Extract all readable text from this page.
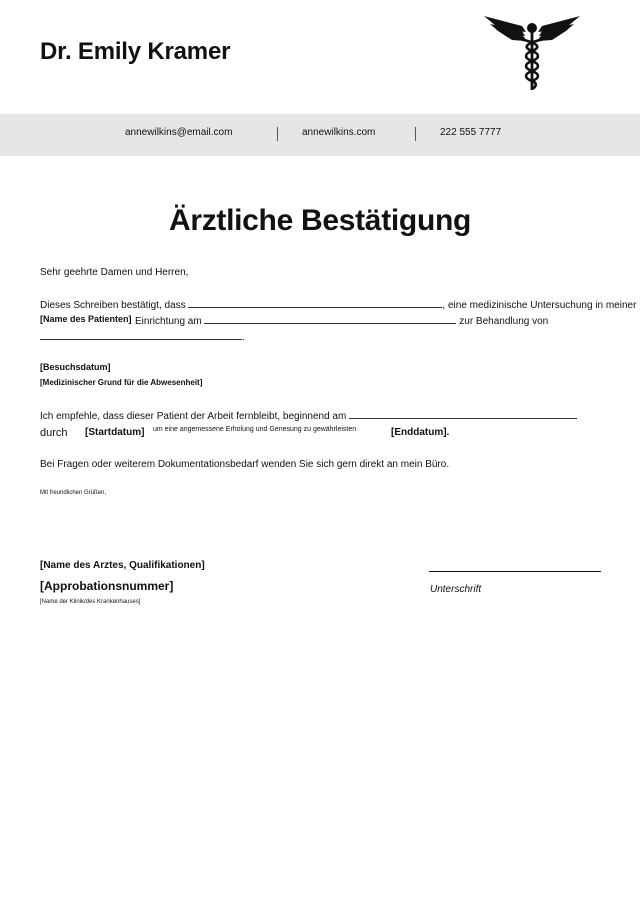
Dr. Emily Kramer
annewilkins@email.com	annewilkins.com	222 555 7777
Ärztliche Bestätigung
Sehr geehrte Damen und Herren,
Dieses Schreiben bestätigt, dass	, eine medizinische Untersuchung in meiner
[Name des Patienten] Einrichtung am	zur Behandlung von
.
[Besuchsdatum]
[Medizinischer Grund für die Abwesenheit]
Ich empfehle, dass dieser Patient der Arbeit fernbleibt, beginnend am
durch [Startdatum] um eine angemessene Erholung und Genesung zu gewährleisten	[Enddatum].
Bei Fragen oder weiterem Dokumentationsbedarf wenden Sie sich gern direkt an mein Büro.
Mit freundlichen Grüßen,
[Name des Arztes, Qualifikationen]
[Approbationsnummer]
[Name der Klinik/des Krankenhauses]
Unterschrift
